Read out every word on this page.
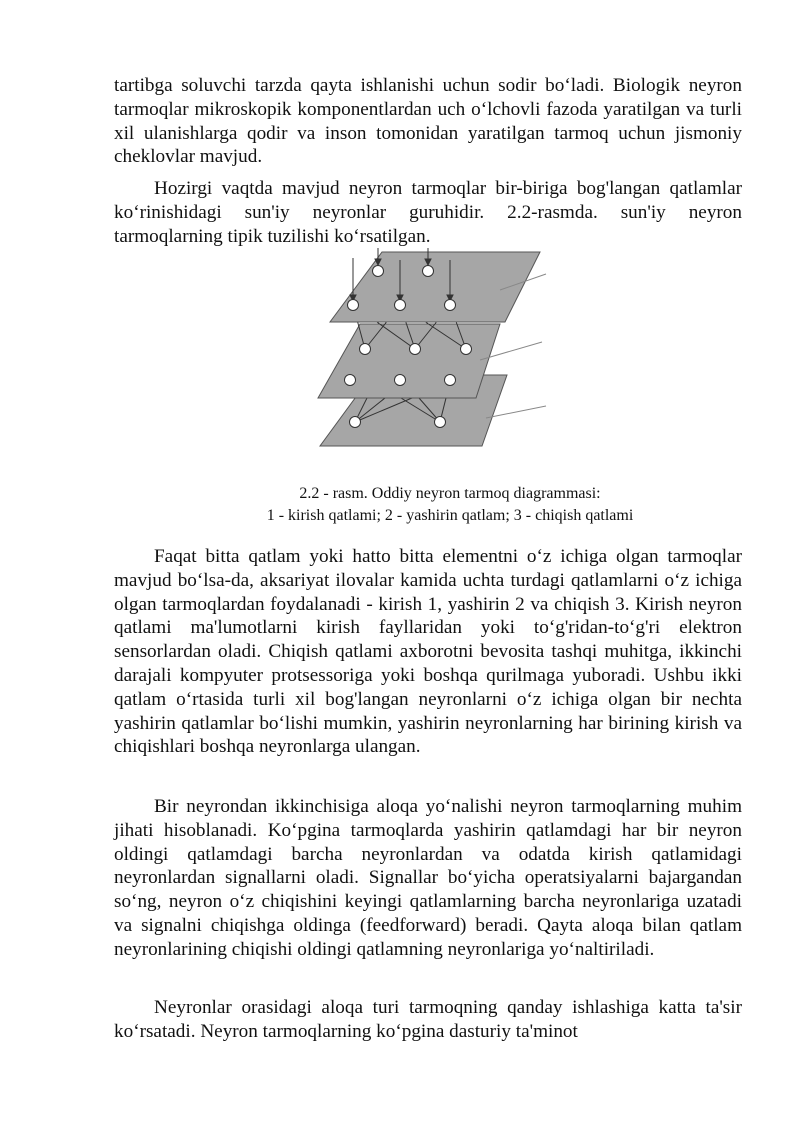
tartibga soluvchi tarzda qayta ishlanishi uchun sodir bo‘ladi. Biologik neyron tarmoqlar mikroskopik komponentlardan uch o‘lchovli fazoda yaratilgan va turli xil ulanishlarga qodir va inson tomonidan yaratilgan tarmoq uchun jismoniy cheklovlar mavjud.

Hozirgi vaqtda mavjud neyron tarmoqlar bir-biriga bog'langan qatlamlar ko‘rinishidagi sun'iy neyronlar guruhidir. 2.2-rasmda. sun'iy neyron tarmoqlarning tipik tuzilishi ko‘rsatilgan.

2.2 - rasm. Oddiy neyron tarmoq diagrammasi:

1 - kirish qatlami; 2 - yashirin qatlam; 3 - chiqish qatlami

Faqat bitta qatlam yoki hatto bitta elementni o‘z ichiga olgan tarmoqlar mavjud bo‘lsa-da, aksariyat ilovalar kamida uchta turdagi qatlamlarni o‘z ichiga olgan tarmoqlardan foydalanadi - kirish 1, yashirin 2 va chiqish 3. Kirish neyron qatlami ma'lumotlarni kirish fayllaridan yoki to‘g'ridan-to‘g'ri elektron sensorlardan oladi. Chiqish qatlami axborotni bevosita tashqi muhitga, ikkinchi darajali kompyuter protsessoriga yoki boshqa qurilmaga yuboradi. Ushbu ikki qatlam o‘rtasida turli xil bog'langan neyronlarni o‘z ichiga olgan bir nechta yashirin qatlamlar bo‘lishi mumkin, yashirin neyronlarning har birining kirish va chiqishlari boshqa neyronlarga ulangan.

Bir neyrondan ikkinchisiga aloqa yo‘nalishi neyron tarmoqlarning muhim jihati hisoblanadi. Ko‘pgina tarmoqlarda yashirin qatlamdagi har bir neyron oldingi qatlamdagi barcha neyronlardan va odatda kirish qatlamidagi neyronlardan signallarni oladi. Signallar bo‘yicha operatsiyalarni bajargandan so‘ng, neyron o‘z chiqishini keyingi qatlamlarning barcha neyronlariga uzatadi va signalni chiqishga oldinga (feedforward) beradi. Qayta aloqa bilan qatlam neyronlarining chiqishi oldingi qatlamning neyronlariga yo‘naltiriladi.

Neyronlar orasidagi aloqa turi tarmoqning qanday ishlashiga katta ta'sir ko‘rsatadi. Neyron tarmoqlarning ko‘pgina dasturiy ta'minot
